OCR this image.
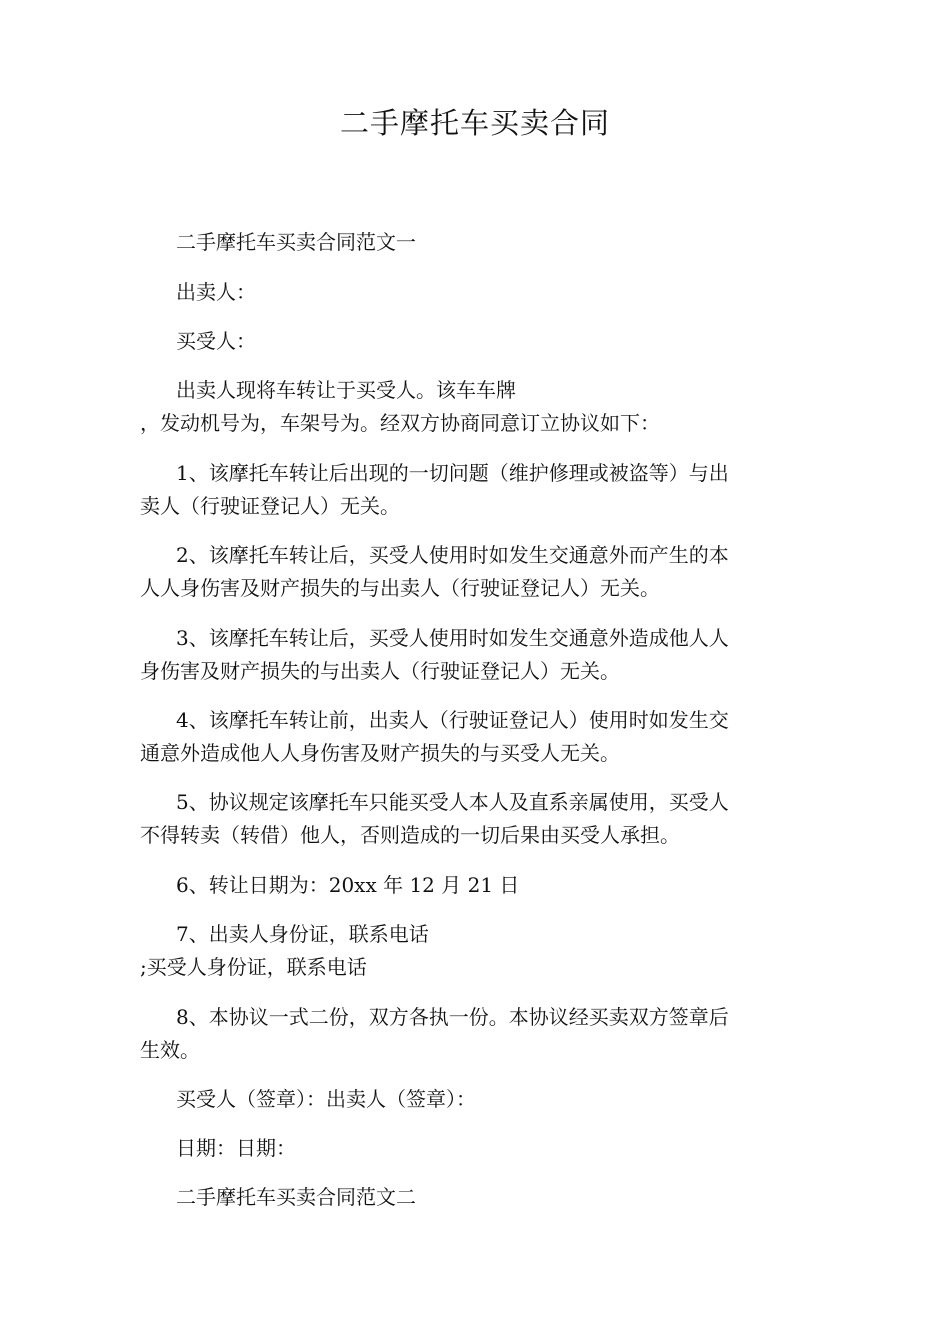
二手摩托车买卖合同
二手摩托车买卖合同范文一
出卖人：
买受人：
出卖人现将车转让于买受人。该车车牌
，发动机号为，车架号为。经双方协商同意订立协议如下：
1、该摩托车转让后出现的一切问题（维护修理或被盗等）与出
卖人（行驶证登记人）无关。
2、该摩托车转让后，买受人使用时如发生交通意外而产生的本
人人身伤害及财产损失的与出卖人（行驶证登记人）无关。
3、该摩托车转让后，买受人使用时如发生交通意外造成他人人
身伤害及财产损失的与出卖人（行驶证登记人）无关。
4、该摩托车转让前，出卖人（行驶证登记人）使用时如发生交
通意外造成他人人身伤害及财产损失的与买受人无关。
5、协议规定该摩托车只能买受人本人及直系亲属使用，买受人
不得转卖（转借）他人，否则造成的一切后果由买受人承担。
6、转让日期为：20xx 年 12 月 21 日
7、出卖人身份证，联系电话
;买受人身份证，联系电话
8、本协议一式二份，双方各执一份。本协议经买卖双方签章后
生效。
买受人（签章）：出卖人（签章）：
日期：日期：
二手摩托车买卖合同范文二
